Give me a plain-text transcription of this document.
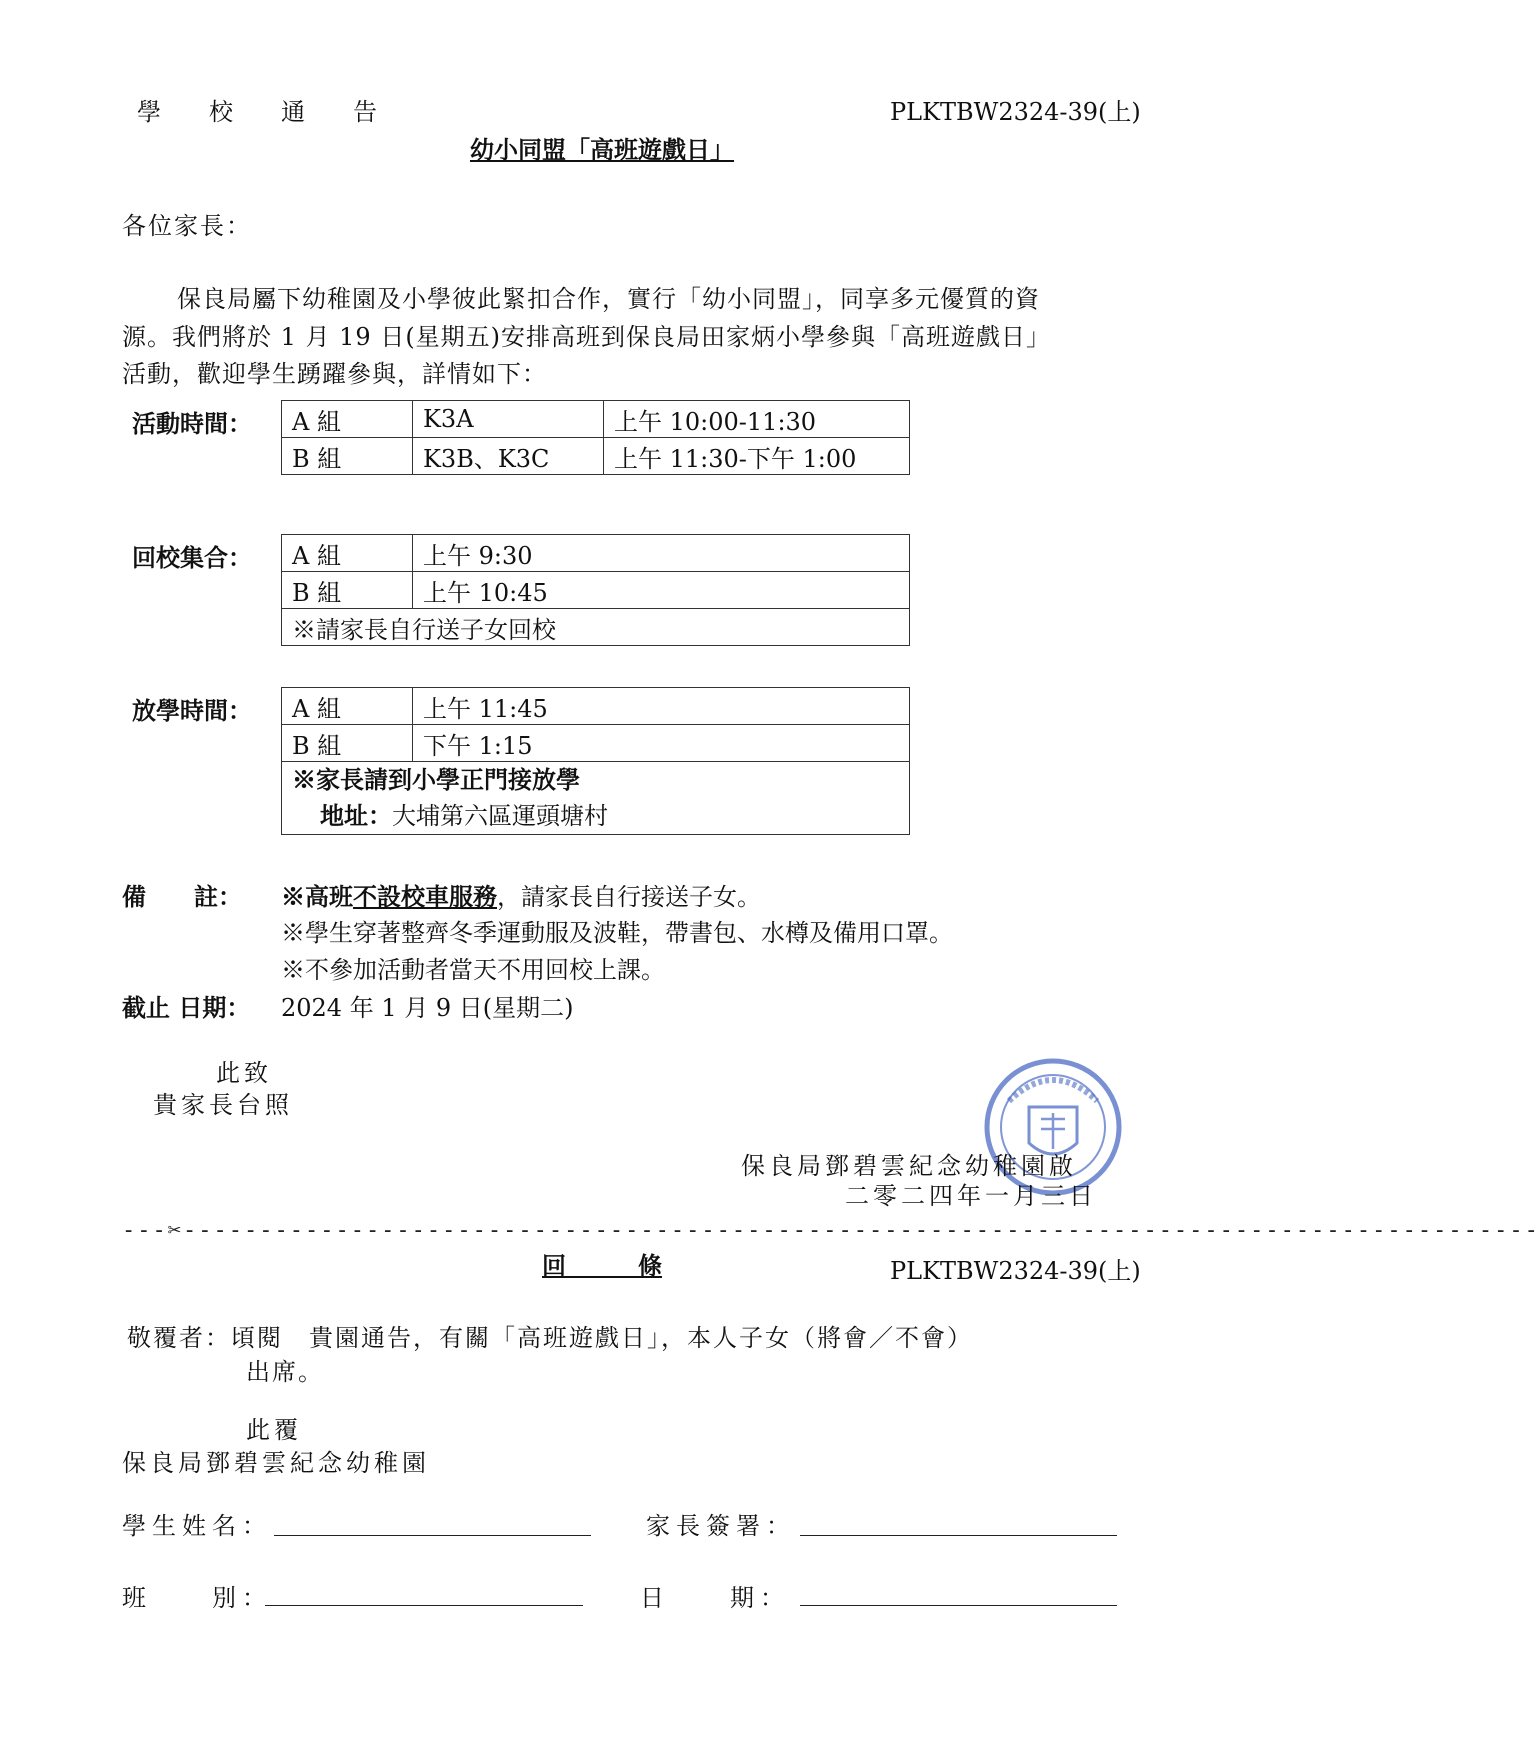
學　校　通　告	PLKTBW2324-39(上)
幼小同盟「高班遊戲日」
各位家長：
保良局屬下幼稚園及小學彼此緊扣合作，實行「幼小同盟」，同享多元優質的資
源。我們將於 1 月 19 日(星期五)安排高班到保良局田家炳小學參與「高班遊戲日」
活動，歡迎學生踴躍參與，詳情如下：
活動時間： A 組	K3A	上午 10:00-11:30
B 組	K3B、K3C	上午 11:30-下午 1:00
回校集合： A 組	上午 9:30
B 組	上午 10:45
※請家長自行送子女回校	
放學時間： A 組	上午 11:45
B 組	下午 1:15

※家長請到小學正門接放學
地址：大埔第六區運頭塘村	
備　　註： ※高班不設校車服務，請家長自行接送子女。
※學生穿著整齊冬季運動服及波鞋，帶書包、水樽及備用口罩。
※不參加活動者當天不用回校上課。
截止 日期： 2024 年 1 月 9 日(星期二)
此致
貴家長台照
保良局鄧碧雲紀念幼稚園啟
二零二四年一月三日
---✂-----------------------------------------------------------------------------------------
回　　　條	PLKTBW2324-39(上)
敬覆者：頃閱　貴園通告，有關「高班遊戲日」，本人子女（將會／不會）
出席。
此覆
保良局鄧碧雲紀念幼稚園
學生姓名：	家長簽署：
班　　別：	日　　期：
